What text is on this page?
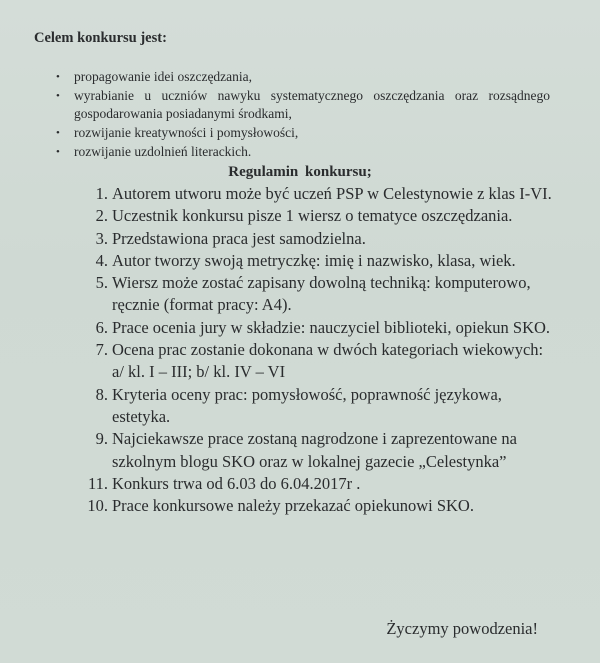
Celem konkursu jest:
• propagowanie idei oszczędzania,
• wyrabianie u uczniów nawyku systematycznego oszczędzania oraz rozsądnego gospodarowania posiadanymi środkami,
• rozwijanie kreatywności i pomysłowości,
• rozwijanie uzdolnień literackich.
Regulamin konkursu;
1. Autorem utworu może być uczeń PSP w Celestynowie z klas I-VI.
2. Uczestnik konkursu pisze 1 wiersz o tematyce oszczędzania.
3. Przedstawiona praca jest samodzielna.
4. Autor tworzy swoją metryczkę: imię i nazwisko, klasa, wiek.
5. Wiersz może zostać zapisany dowolną techniką: komputerowo, ręcznie (format pracy: A4).
6. Prace ocenia jury w składzie: nauczyciel biblioteki, opiekun SKO.
7. Ocena prac zostanie dokonana w dwóch kategoriach wiekowych: a/ kl. I – III; b/ kl. IV – VI
8. Kryteria oceny prac: pomysłowość, poprawność językowa, estetyka.
9. Najciekawsze prace zostaną nagrodzone i zaprezentowane na szkolnym blogu SKO oraz w lokalnej gazecie „Celestynka”
11. Konkurs trwa od 6.03 do 6.04.2017r .
10. Prace konkursowe należy przekazać opiekunowi SKO.
Życzymy powodzenia!
